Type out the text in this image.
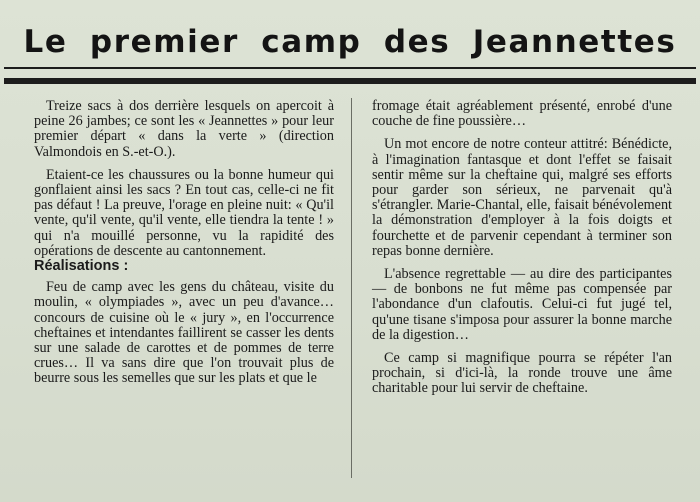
Le premier camp des Jeannettes

Treize sacs à dos derrière lesquels on apercoit à peine 26 jambes; ce sont les « Jeannettes » pour leur premier départ « dans la verte » (direction Valmondois en S.-et-O.).

Etaient-ce les chaussures ou la bonne humeur qui gonflaient ainsi les sacs ? En tout cas, celle-ci ne fit pas défaut ! La preuve, l'orage en pleine nuit: « Qu'il vente, qu'il vente, qu'il vente, elle tiendra la tente ! » qui n'a mouillé personne, vu la rapidité des opérations de descente au cantonnement.

Réalisations :

Feu de camp avec les gens du château, visite du moulin, « olympiades », avec un peu d'avance… concours de cuisine où le « jury », en l'occurrence cheftaines et intendantes faillirent se casser les dents sur une salade de carottes et de pommes de terre crues… Il va sans dire que l'on trouvait plus de beurre sous les semelles que sur les plats et que le

fromage était agréablement présenté, enrobé d'une couche de fine poussière…

Un mot encore de notre conteur attitré: Bénédicte, à l'imagination fantasque et dont l'effet se faisait sentir même sur la cheftaine qui, malgré ses efforts pour garder son sérieux, ne parvenait qu'à s'étrangler. Marie-Chantal, elle, faisait bénévolement la démonstration d'employer à la fois doigts et fourchette et de parvenir cependant à terminer son repas bonne dernière.

L'absence regrettable — au dire des participantes — de bonbons ne fut même pas compensée par l'abondance d'un clafoutis. Celui-ci fut jugé tel, qu'une tisane s'imposa pour assurer la bonne marche de la digestion…

Ce camp si magnifique pourra se répéter l'an prochain, si d'ici-là, la ronde trouve une âme charitable pour lui servir de cheftaine.
